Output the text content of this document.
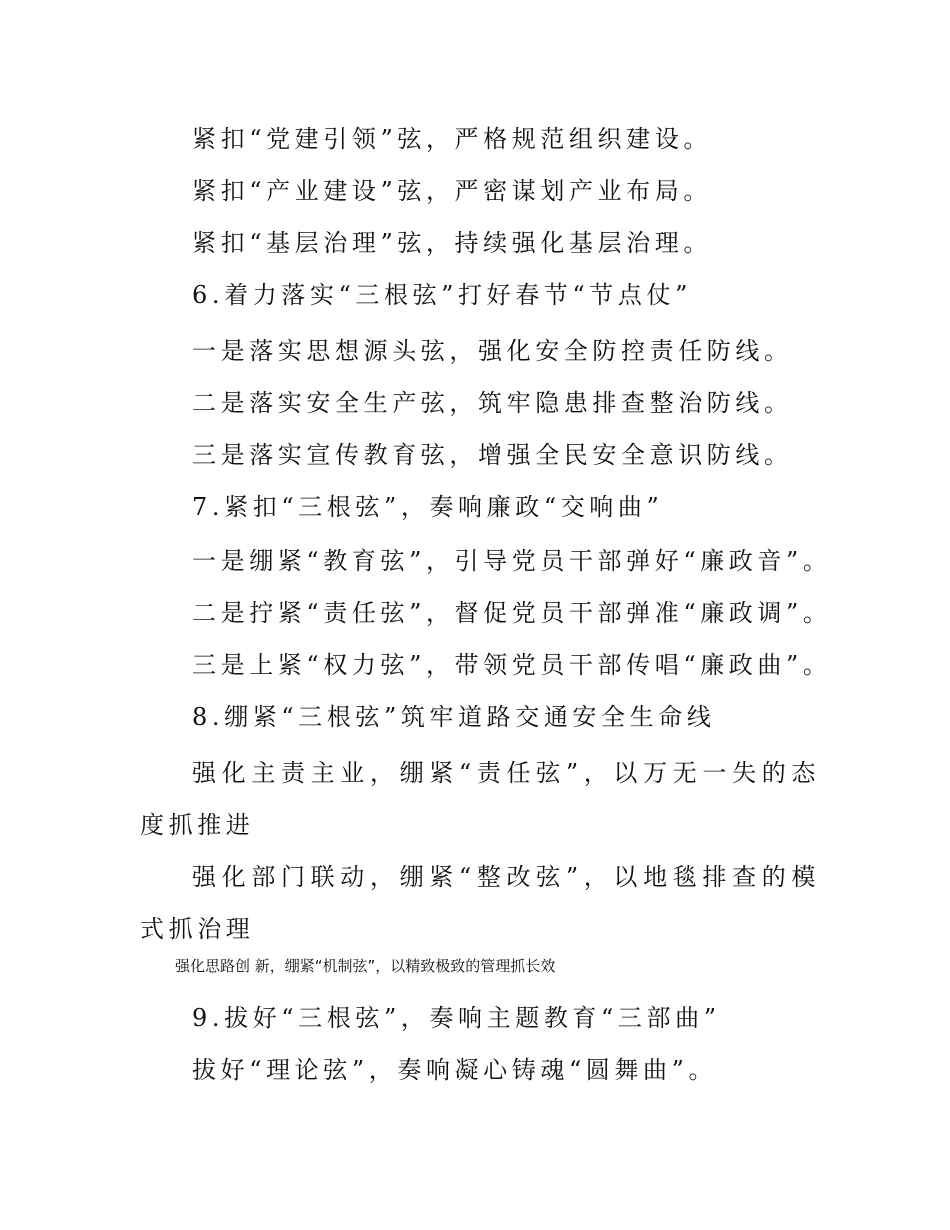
紧扣“党建引领”弦，严格规范组织建设。
紧扣“产业建设”弦，严密谋划产业布局。
紧扣“基层治理”弦，持续强化基层治理。
6.着力落实“三根弦”打好春节“节点仗”
一是落实思想源头弦，强化安全防控责任防线。
二是落实安全生产弦，筑牢隐患排查整治防线。
三是落实宣传教育弦，增强全民安全意识防线。
7.紧扣“三根弦”，奏响廉政“交响曲”
一是绷紧“教育弦”，引导党员干部弹好“廉政音”。
二是拧紧“责任弦”，督促党员干部弹准“廉政调”。
三是上紧“权力弦”，带领党员干部传唱“廉政曲”。
8.绷紧“三根弦”筑牢道路交通安全生命线
强化主责主业，绷紧“责任弦”，以万无一失的态度抓推进
强化部门联动，绷紧“整改弦”，以地毯排查的模式抓治理
强化思路创 新，绷紧“机制弦”，以精致极致的管理抓长效
9.拔好“三根弦”，奏响主题教育“三部曲”
拔好“理论弦”，奏响凝心铸魂“圆舞曲”。
